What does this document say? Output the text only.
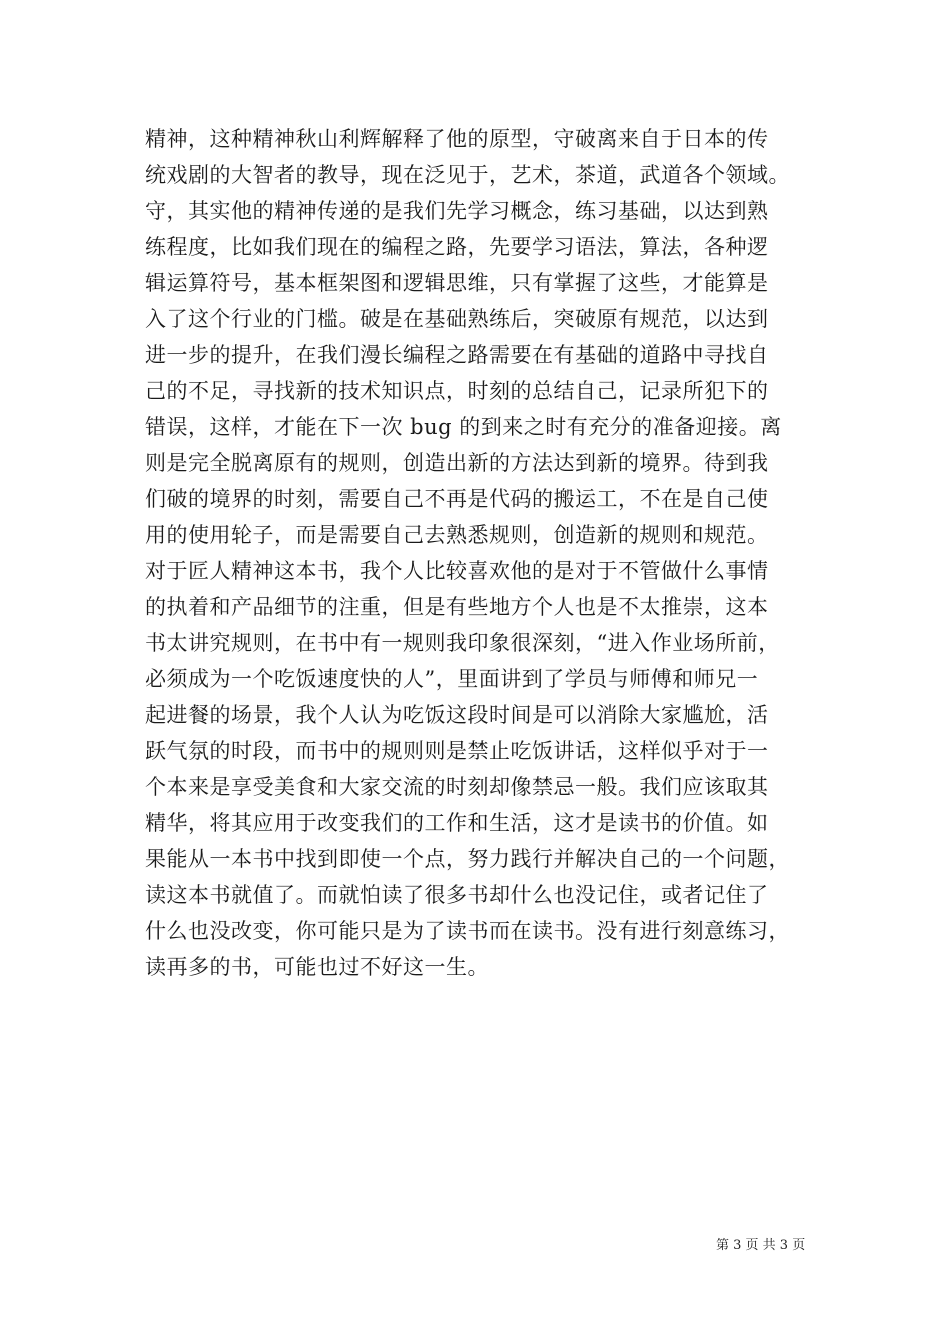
精神，这种精神秋山利辉解释了他的原型，守破离来自于日本的传
统戏剧的大智者的教导，现在泛见于，艺术，茶道，武道各个领域。
守，其实他的精神传递的是我们先学习概念，练习基础，以达到熟
练程度，比如我们现在的编程之路，先要学习语法，算法，各种逻
辑运算符号，基本框架图和逻辑思维，只有掌握了这些，才能算是
入了这个行业的门槛。破是在基础熟练后，突破原有规范，以达到
进一步的提升，在我们漫长编程之路需要在有基础的道路中寻找自
己的不足，寻找新的技术知识点，时刻的总结自己，记录所犯下的
错误，这样，才能在下一次 bug 的到来之时有充分的准备迎接。离
则是完全脱离原有的规则，创造出新的方法达到新的境界。待到我
们破的境界的时刻，需要自己不再是代码的搬运工，不在是自己使
用的使用轮子，而是需要自己去熟悉规则，创造新的规则和规范。
对于匠人精神这本书，我个人比较喜欢他的是对于不管做什么事情
的执着和产品细节的注重，但是有些地方个人也是不太推崇，这本
书太讲究规则，在书中有一规则我印象很深刻，“进入作业场所前，
必须成为一个吃饭速度快的人”，里面讲到了学员与师傅和师兄一
起进餐的场景，我个人认为吃饭这段时间是可以消除大家尴尬，活
跃气氛的时段，而书中的规则则是禁止吃饭讲话，这样似乎对于一
个本来是享受美食和大家交流的时刻却像禁忌一般。我们应该取其
精华，将其应用于改变我们的工作和生活，这才是读书的价值。如
果能从一本书中找到即使一个点，努力践行并解决自己的一个问题，
读这本书就值了。而就怕读了很多书却什么也没记住，或者记住了
什么也没改变，你可能只是为了读书而在读书。没有进行刻意练习，
读再多的书，可能也过不好这一生。
第 3 页 共 3 页
